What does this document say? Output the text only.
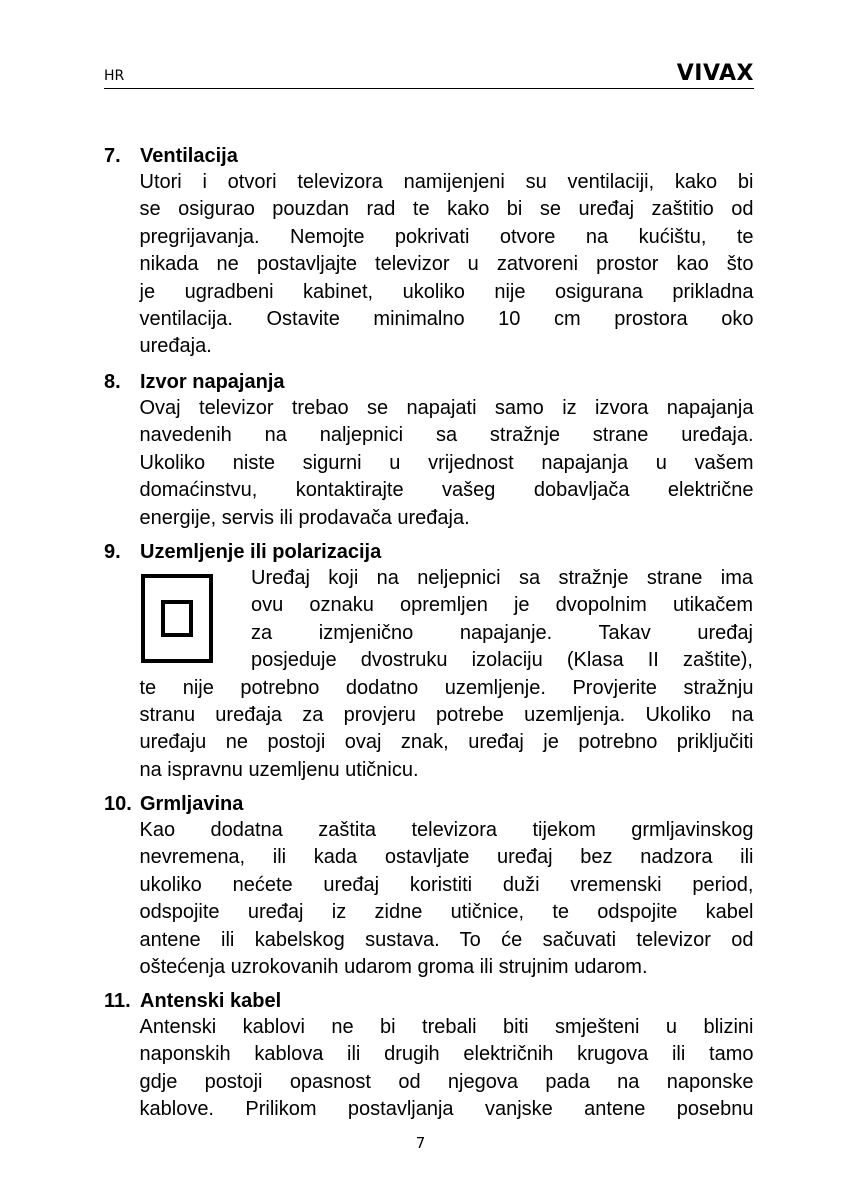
HR	VIVAX
7. Ventilacija
Utori i otvori televizora namijenjeni su ventilaciji, kako bi
se osigurao pouzdan rad te kako bi se uređaj zaštitio od
pregrijavanja. Nemojte pokrivati otvore na kućištu, te
nikada ne postavljajte televizor u zatvoreni prostor kao što
je ugradbeni kabinet, ukoliko nije osigurana prikladna
ventilacija. Ostavite minimalno 10 cm prostora oko
uređaja.
8. Izvor napajanja
Ovaj televizor trebao se napajati samo iz izvora napajanja
navedenih na naljepnici sa stražnje strane uređaja.
Ukoliko niste sigurni u vrijednost napajanja u vašem
domaćinstvu, kontaktirajte vašeg dobavljača električne
energije, servis ili prodavača uređaja.
9. Uzemljenje ili polarizacija
Uređaj koji na neljepnici sa stražnje strane ima
ovu oznaku opremljen je dvopolnim utikačem
za izmjenično napajanje. Takav uređaj
posjeduje dvostruku izolaciju (Klasa II zaštite),
te nije potrebno dodatno uzemljenje. Provjerite stražnju
stranu uređaja za provjeru potrebe uzemljenja. Ukoliko na
uređaju ne postoji ovaj znak, uređaj je potrebno priključiti
na ispravnu uzemljenu utičnicu.
10. Grmljavina
Kao dodatna zaštita televizora tijekom grmljavinskog
nevremena, ili kada ostavljate uređaj bez nadzora ili
ukoliko nećete uređaj koristiti duži vremenski period,
odspojite uređaj iz zidne utičnice, te odspojite kabel
antene ili kabelskog sustava. To će sačuvati televizor od
oštećenja uzrokovanih udarom groma ili strujnim udarom.
11. Antenski kabel
Antenski kablovi ne bi trebali biti smješteni u blizini
naponskih kablova ili drugih električnih krugova ili tamo
gdje postoji opasnost od njegova pada na naponske
kablove. Prilikom postavljanja vanjske antene posebnu
7
